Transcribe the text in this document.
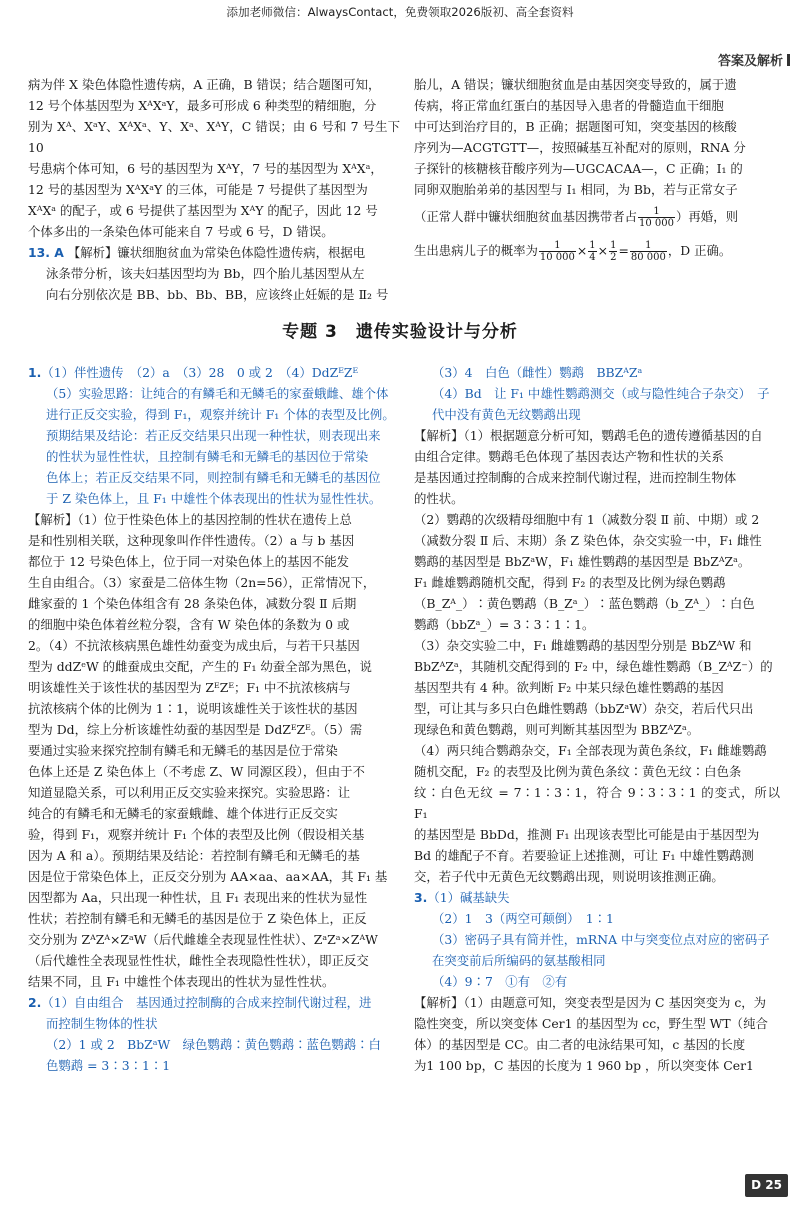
添加老师微信：AlwaysContact，免费领取2026版初、高全套资料
答案及解析

病为伴 X 染色体隐性遗传病，A 正确，B 错误；结合题图可知，

12 号个体基因型为 XᴬXᵃY，最多可形成 6 种类型的精细胞，分

别为 Xᴬ、XᵃY、XᴬXᵃ、Y、Xᵃ、XᴬY，C 错误；由 6 号和 7 号生下 10

号患病个体可知，6 号的基因型为 XᴬY，7 号的基因型为 XᴬXᵃ，

12 号的基因型为 XᴬXᵃY 的三体，可能是 7 号提供了基因型为

XᴬXᵃ 的配子，或 6 号提供了基因型为 XᴬY 的配子，因此 12 号

个体多出的一条染色体可能来自 7 号或 6 号，D 错误。

13. A 【解析】镰状细胞贫血为常染色体隐性遗传病，根据电

泳条带分析，该夫妇基因型均为 Bb，四个胎儿基因型从左

向右分别依次是 BB、bb、Bb、BB，应该终止妊娠的是 Ⅱ₂ 号

胎儿，A 错误；镰状细胞贫血是由基因突变导致的，属于遗

传病，将正常血红蛋白的基因导入患者的骨髓造血干细胞

中可达到治疗目的，B 正确；据题图可知，突变基因的核酸

序列为—ACGTGTT—，按照碱基互补配对的原则，RNA 分

子探针的核糖核苷酸序列为—UGCACAA—，C 正确；Ⅰ₁ 的

同卵双胞胎弟弟的基因型与 Ⅰ₁ 相同，为 Bb，若与正常女子

（正常人群中镰状细胞贫血基因携带者占 $\frac{1}{10 000}$ ）再婚，则

生出患病儿子的概率为 $\frac{1}{10 000} \times \frac{1}{4} \times \frac{1}{2} = \frac{1}{80 000}$ ，D 正确。

专题 3　遗传实验设计与分析

1.（1）伴性遗传　（2）a　（3）28　0 或 2　（4）DdZᴱZᴱ

（5）实验思路：让纯合的有鳞毛和无鳞毛的家蚕蛾雌、雄个体

进行正反交实验，得到 F₁，观察并统计 F₁ 个体的表型及比例。

预期结果及结论：若正反交结果只出现一种性状，则表现出来

的性状为显性性状，且控制有鳞毛和无鳞毛的基因位于常染

色体上；若正反交结果不同，则控制有鳞毛和无鳞毛的基因位

于 Z 染色体上，且 F₁ 中雄性个体表现出的性状为显性性状。

【解析】（1）位于性染色体上的基因控制的性状在遗传上总

是和性别相关联，这种现象叫作伴性遗传。（2）a 与 b 基因

都位于 12 号染色体上，位于同一对染色体上的基因不能发

生自由组合。（3）家蚕是二倍体生物（2n=56），正常情况下，

雌家蚕的 1 个染色体组含有 28 条染色体，减数分裂 Ⅱ 后期

的细胞中染色体着丝粒分裂，含有 W 染色体的条数为 0 或

2。（4）不抗浓核病黑色雄性幼蚕变为成虫后，与若干只基因

型为 ddZᵉW 的雌蚕成虫交配，产生的 F₁ 幼蚕全部为黑色，说

明该雄性关于该性状的基因型为 ZᴱZᴱ；F₁ 中不抗浓核病与

抗浓核病个体的比例为 1∶1，说明该雄性关于该性状的基因

型为 Dd，综上分析该雄性幼蚕的基因型是 DdZᴱZᴱ。（5）需

要通过实验来探究控制有鳞毛和无鳞毛的基因是位于常染

色体上还是 Z 染色体上（不考虑 Z、W 同源区段），但由于不

知道显隐关系，可以利用正反交实验来探究。实验思路：让

纯合的有鳞毛和无鳞毛的家蚕蛾雌、雄个体进行正反交实

验，得到 F₁，观察并统计 F₁ 个体的表型及比例（假设相关基

因为 A 和 a）。预期结果及结论：若控制有鳞毛和无鳞毛的基

因是位于常染色体上，正反交分别为 AA×aa、aa×AA，其 F₁ 基

因型都为 Aa，只出现一种性状，且 F₁ 表现出来的性状为显性

性状；若控制有鳞毛和无鳞毛的基因是位于 Z 染色体上，正反

交分别为 ZᴬZᴬ×ZᵃW（后代雌雄全表现显性性状）、ZᵃZᵃ×ZᴬW

（后代雄性全表现显性性状，雌性全表现隐性性状），即正反交

结果不同，且 F₁ 中雄性个体表现出的性状为显性性状。

2.（1）自由组合　基因通过控制酶的合成来控制代谢过程，进

而控制生物体的性状

（2）1 或 2　BbZᵃW　绿色鹦鹉∶黄色鹦鹉∶蓝色鹦鹉∶白

色鹦鹉 = 3∶3∶1∶1

（3）4　白色（雌性）鹦鹉　BBZᴬZᵃ

（4）Bd　让 F₁ 中雄性鹦鹉测交（或与隐性纯合子杂交）　子

代中没有黄色无纹鹦鹉出现

【解析】（1）根据题意分析可知，鹦鹉毛色的遗传遵循基因的自

由组合定律。鹦鹉毛色体现了基因表达产物和性状的关系

是基因通过控制酶的合成来控制代谢过程，进而控制生物体

的性状。

（2）鹦鹉的次级精母细胞中有 1（减数分裂 Ⅱ 前、中期）或 2

（减数分裂 Ⅱ 后、末期）条 Z 染色体，杂交实验一中，F₁ 雌性

鹦鹉的基因型是 BbZᵃW，F₁ 雄性鹦鹉的基因型是 BbZᴬZᵃ。

F₁ 雌雄鹦鹉随机交配，得到 F₂ 的表型及比例为绿色鹦鹉

（B_Zᴬ_）∶黄色鹦鹉（B_Zᵃ_）∶蓝色鹦鹉（b_Zᴬ_）∶白色

鹦鹉（bbZᵃ_）= 3∶3∶1∶1。

（3）杂交实验二中，F₁ 雌雄鹦鹉的基因型分别是 BbZᴬW 和

BbZᴬZᵃ，其随机交配得到的 F₂ 中，绿色雄性鹦鹉（B_ZᴬZ⁻）的

基因型共有 4 种。欲判断 F₂ 中某只绿色雄性鹦鹉的基因

型，可让其与多只白色雌性鹦鹉（bbZᵃW）杂交，若后代只出

现绿色和黄色鹦鹉，则可判断其基因型为 BBZᴬZᵃ。

（4）两只纯合鹦鹉杂交，F₁ 全部表现为黄色条纹，F₁ 雌雄鹦鹉

随机交配，F₂ 的表型及比例为黄色条纹∶黄色无纹∶白色条

纹∶白色无纹 = 7∶1∶3∶1，符合 9∶3∶3∶1 的变式，所以 F₁

的基因型是 BbDd，推测 F₁ 出现该表型比可能是由于基因型为

Bd 的雄配子不育。若要验证上述推测，可让 F₁ 中雄性鹦鹉测

交，若子代中无黄色无纹鹦鹉出现，则说明该推测正确。

3.（1）碱基缺失

（2）1　3（两空可颠倒）　1∶1

（3）密码子具有简并性，mRNA 中与突变位点对应的密码子

在突变前后所编码的氨基酸相同

（4）9∶7　①有　②有

【解析】（1）由题意可知，突变表型是因为 C 基因突变为 c，为

隐性突变，所以突变体 Cer1 的基因型为 cc，野生型 WT（纯合

体）的基因型是 CC。由二者的电泳结果可知，c 基因的长度

为1 100 bp，C 基因的长度为 1 960 bp ，所以突变体 Cer1

D 25
